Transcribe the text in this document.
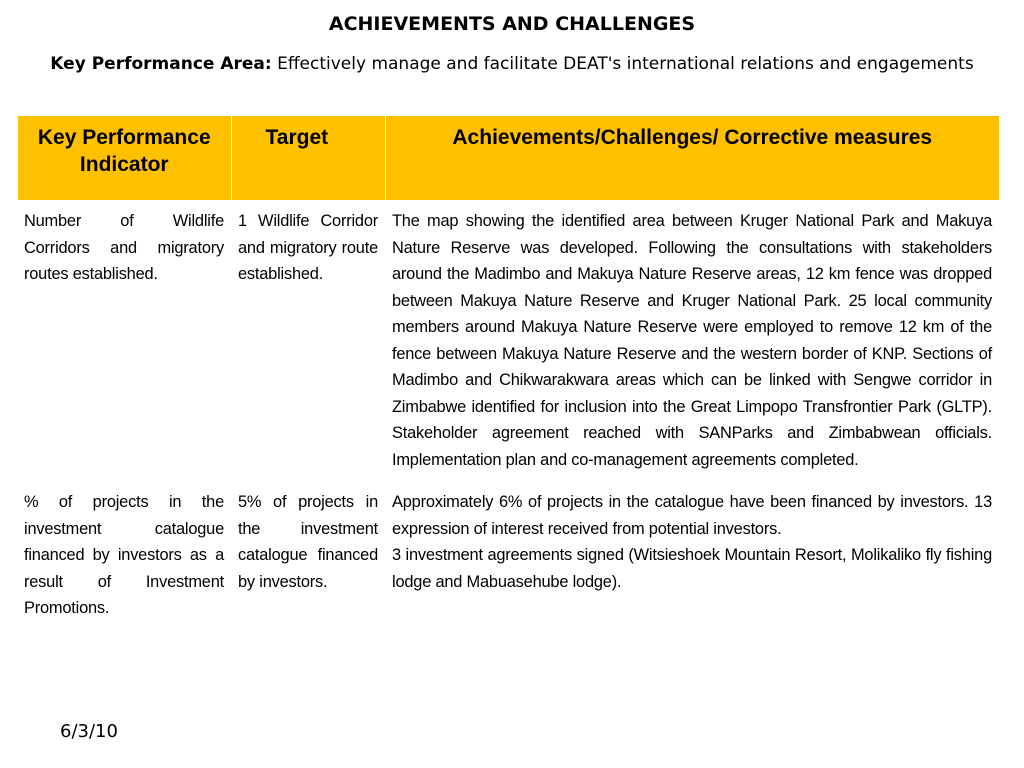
ACHIEVEMENTS AND CHALLENGES
Key Performance Area: Effectively manage and facilitate DEAT's international relations and engagements
Key Performance Indicator	Target	Achievements/Challenges/ Corrective measures
Number of Wildlife Corridors and migratory routes established.	1 Wildlife Corridor and migratory route established.	The map showing the identified area between Kruger National Park and Makuya Nature Reserve was developed. Following the consultations with stakeholders around the Madimbo and Makuya Nature Reserve areas, 12 km fence was dropped between Makuya Nature Reserve and Kruger National Park. 25 local community members around Makuya Nature Reserve were employed to remove 12 km of the fence between Makuya Nature Reserve and the western border of KNP. Sections of Madimbo and Chikwarakwara areas which can be linked with Sengwe corridor in Zimbabwe identified for inclusion into the Great Limpopo Transfrontier Park (GLTP). Stakeholder agreement reached with SANParks and Zimbabwean officials. Implementation plan and co-management agreements completed.

% of projects in the investment catalogue financed by investors as a result of Investment Promotions.	5% of projects in the investment catalogue financed by investors.	Approximately 6% of projects in the catalogue have been financed by investors. 13 expression of interest received from potential investors.
3 investment agreements signed (Witsieshoek Mountain Resort, Molikaliko fly fishing lodge and Mabuasehube lodge).
6/3/10
